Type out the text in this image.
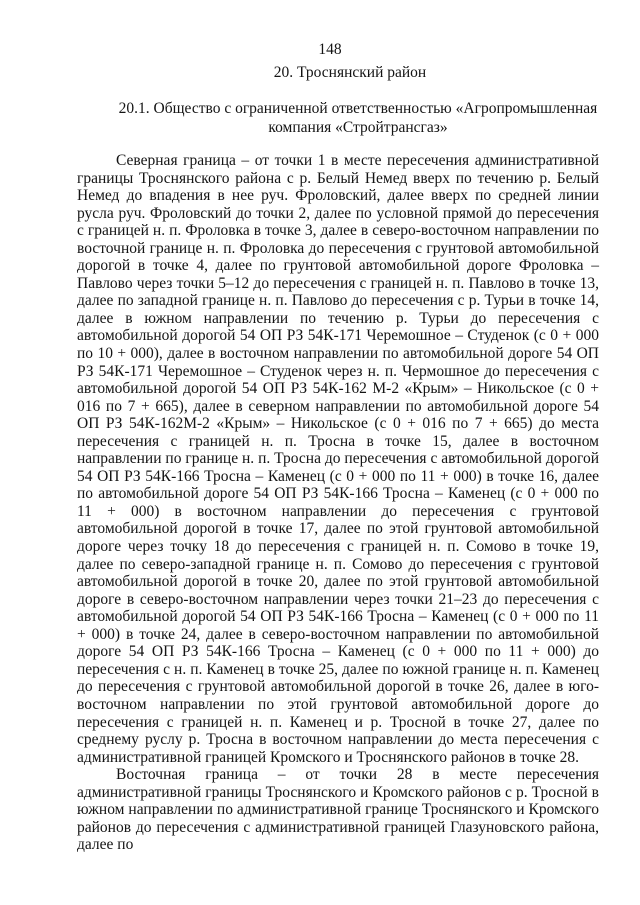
148
20. Троснянский район
20.1. Общество с ограниченной ответственностью «Агропромышленная компания «Стройтрансгаз»

Северная граница – от точки 1 в месте пересечения административной границы Троснянского района с р. Белый Немед вверх по течению р. Белый Немед до впадения в нее руч. Фроловский, далее вверх по средней линии русла руч. Фроловский до точки 2, далее по условной прямой до пересечения с границей н. п. Фроловка в точке 3, далее в северо-восточном направлении по восточной границе н. п. Фроловка до пересечения с грунтовой автомобильной дорогой в точке 4, далее по грунтовой автомобильной дороге Фроловка – Павлово через точки 5–12 до пересечения с границей н. п. Павлово в точке 13, далее по западной границе н. п. Павлово до пересечения с р. Турьи в точке 14, далее в южном направлении по течению р. Турьи до пересечения с автомобильной дорогой 54 ОП РЗ 54К-171 Черемошное – Студенок (с 0 + 000 по 10 + 000), далее в восточном направлении по автомобильной дороге 54 ОП РЗ 54К-171 Черемошное – Студенок через н. п. Чермошное до пересечения с автомобильной дорогой 54 ОП РЗ 54К-162 М-2 «Крым» – Никольское (с 0 + 016 по 7 + 665), далее в северном направлении по автомобильной дороге 54 ОП РЗ 54К-162М-2 «Крым» – Никольское (с 0 + 016 по 7 + 665) до места пересечения с границей н. п. Тросна в точке 15, далее в восточном направлении по границе н. п. Тросна до пересечения с автомобильной дорогой 54 ОП РЗ 54К-166 Тросна – Каменец (с 0 + 000 по 11 + 000) в точке 16, далее по автомобильной дороге 54 ОП РЗ 54К-166 Тросна – Каменец (с 0 + 000 по 11 + 000) в восточном направлении до пересечения с грунтовой автомобильной дорогой в точке 17, далее по этой грунтовой автомобильной дороге через точку 18 до пересечения с границей н. п. Сомово в точке 19, далее по северо-западной границе н. п. Сомово до пересечения с грунтовой автомобильной дорогой в точке 20, далее по этой грунтовой автомобильной дороге в северо-восточном направлении через точки 21–23 до пересечения с автомобильной дорогой 54 ОП РЗ 54К-166 Тросна – Каменец (с 0 + 000 по 11 + 000) в точке 24, далее в северо-восточном направлении по автомобильной дороге 54 ОП РЗ 54К-166 Тросна – Каменец (с 0 + 000 по 11 + 000) до пересечения с н. п. Каменец в точке 25, далее по южной границе н. п. Каменец до пересечения с грунтовой автомобильной дорогой в точке 26, далее в юго-восточном направлении по этой грунтовой автомобильной дороге до пересечения с границей н. п. Каменец и р. Тросной в точке 27, далее по среднему руслу р. Тросна в восточном направлении до места пересечения с административной границей Кромского и Троснянского районов в точке 28.

Восточная граница – от точки 28 в месте пересечения административной границы Троснянского и Кромского районов с р. Тросной в южном направлении по административной границе Троснянского и Кромского районов до пересечения с административной границей Глазуновского района, далее по
